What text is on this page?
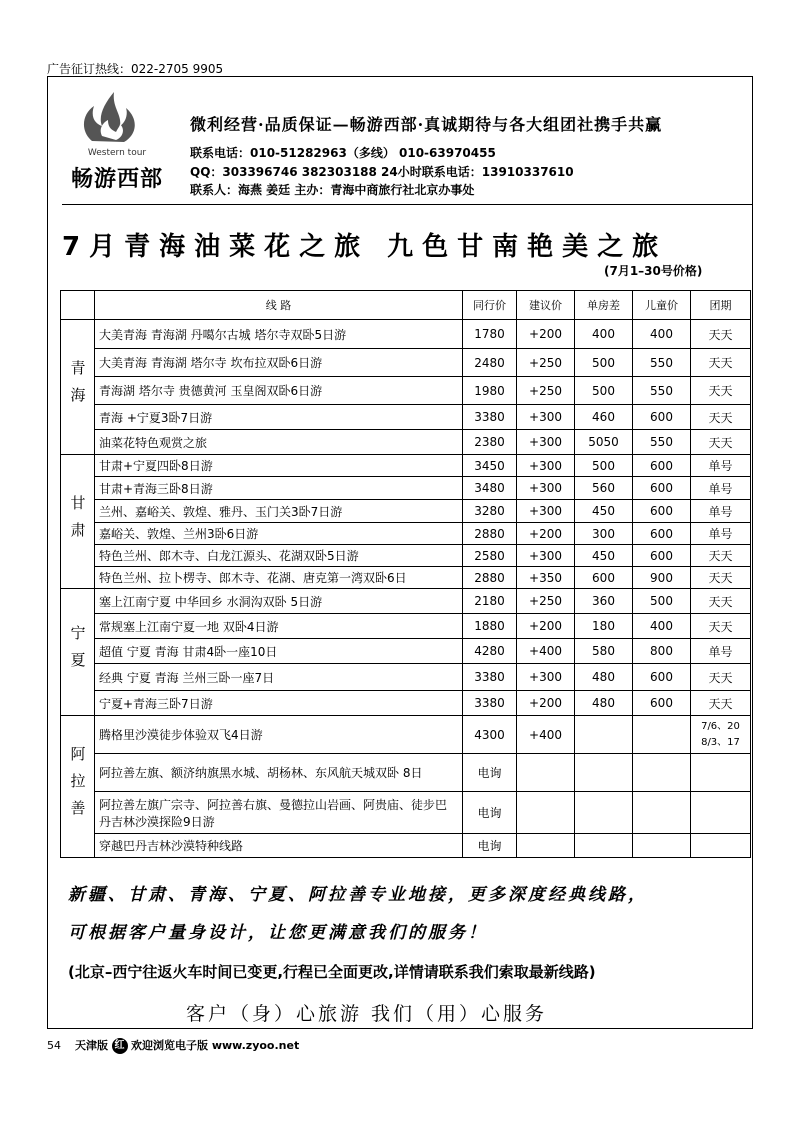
广告征订热线：022-2705 9905
Western tour
畅游西部
微利经营·品质保证—畅游西部·真诚期待与各大组团社携手共赢
联系电话：010-51282963（多线） 010-63970455
QQ：303396746 382303188 24小时联系电话：13910337610
联系人：海燕 姜廷 主办：青海中商旅行社北京办事处
7月青海油菜花之旅 九色甘南艳美之旅
(7月1–30号价格)
	线 路	同行价	建议价	单房差	儿童价	团期
青海	大美青海 青海湖 丹噶尔古城 塔尔寺双卧5日游	1780	+200	400	400	天天
	大美青海 青海湖 塔尔寺 坎布拉双卧6日游	2480	+250	500	550	天天
	青海湖 塔尔寺 贵德黄河 玉皇阁双卧6日游	1980	+250	500	550	天天
	青海 +宁夏3卧7日游	3380	+300	460	600	天天
	油菜花特色观赏之旅	2380	+300	5050	550	天天
甘肃	甘肃+宁夏四卧8日游	3450	+300	500	600	单号
	甘肃+青海三卧8日游	3480	+300	560	600	单号
	兰州、嘉峪关、敦煌、雅丹、玉门关3卧7日游	3280	+300	450	600	单号
	嘉峪关、敦煌、兰州3卧6日游	2880	+200	300	600	单号
	特色兰州、郎木寺、白龙江源头、花湖双卧5日游	2580	+300	450	600	天天
	特色兰州、拉卜楞寺、郎木寺、花湖、唐克第一湾双卧6日	2880	+350	600	900	天天
宁夏	塞上江南宁夏 中华回乡 水洞沟双卧 5日游	2180	+250	360	500	天天
	常规塞上江南宁夏一地 双卧4日游	1880	+200	180	400	天天
	超值 宁夏 青海 甘肃4卧一座10日	4280	+400	580	800	单号
	经典 宁夏 青海 兰州三卧一座7日	3380	+300	480	600	天天
	宁夏+青海三卧7日游	3380	+200	480	600	天天
阿拉善	腾格里沙漠徒步体验双飞4日游	4300	+400			7/6、20 8/3、17
	阿拉善左旗、额济纳旗黑水城、胡杨林、东风航天城双卧 8日	电询				
	阿拉善左旗广宗寺、阿拉善右旗、曼德拉山岩画、阿贵庙、徒步巴丹吉林沙漠探险9日游	电询				
	穿越巴丹吉林沙漠特种线路	电询				
新疆、甘肃、青海、宁夏、阿拉善专业地接，更多深度经典线路，
可根据客户量身设计，让您更满意我们的服务！
(北京–西宁往返火车时间已变更,行程已全面更改,详情请联系我们索取最新线路)
客户（身）心旅游 我们（用）心服务
54 天津版 红 欢迎浏览电子版 www.zyoo.net
